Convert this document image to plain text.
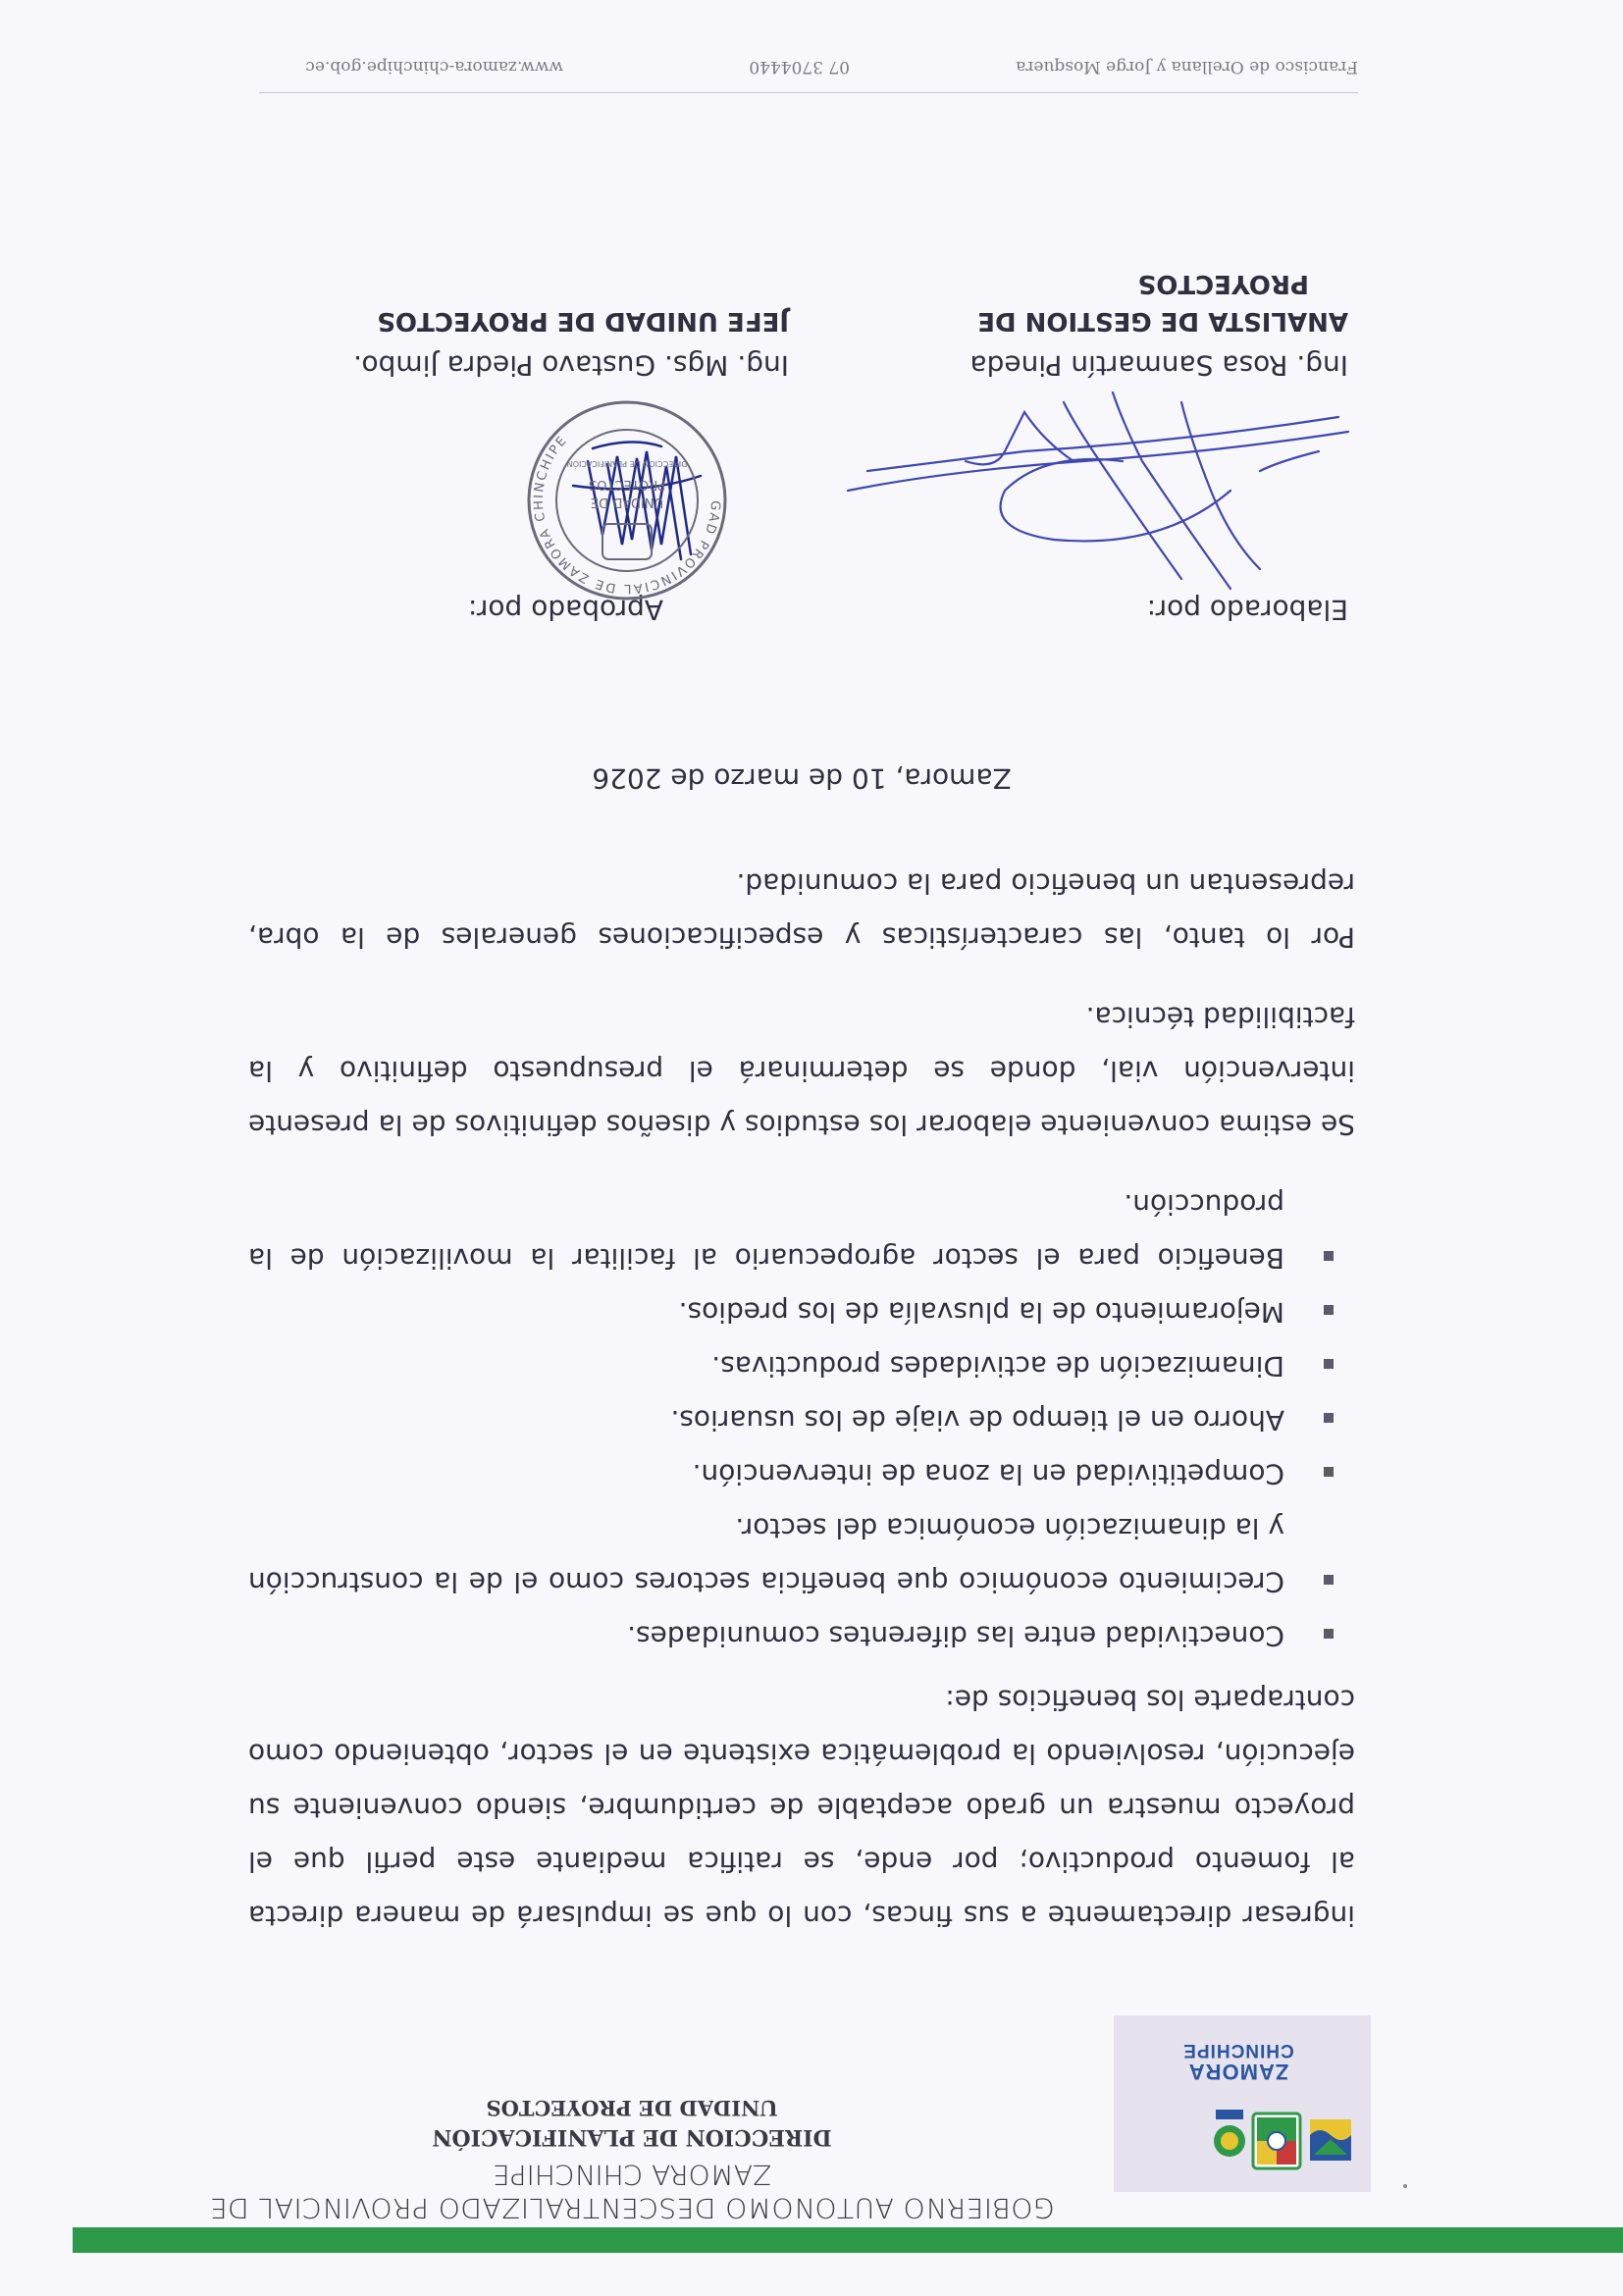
ZAMORA
CHINCHIPE
GOBIERNO AUTONOMO DESCENTRALIZADO PROVINCIAL DE
ZAMORA CHINCHIPE
DIRECCION DE PLANIFICACIÓN
UNIDAD DE PROYECTOS

ingresar directamente a sus fincas, con lo que se impulsará de manera directa al fomento productivo; por ende, se ratifica mediante este perfil que el proyecto muestra un grado aceptable de certidumbre, siendo conveniente su ejecución, resolviendo la problemática existente en el sector, obteniendo como contraparte los beneficios de:

Conectividad entre las diferentes comunidades.
Crecimiento económico que beneficia sectores como el de la construcción y la dinamización económica del sector.
Competitividad en la zona de intervención.
Ahorro en el tiempo de viaje de los usuarios.
Dinamización de actividades productivas.
Mejoramiento de la plusvalía de los predios.
Beneficio para el sector agropecuario al facilitar la movilización de la producción.

Se estima conveniente elaborar los estudios y diseños definitivos de la presente intervención vial, donde se determinará el presupuesto definitivo y la factibilidad técnica.

Por lo tanto, las características y especificaciones generales de la obra, representan un beneficio para la comunidad.

Zamora, 10 de marzo de 2026

Elaborado por:
Aprobado por:
GAD PROVINCIAL DE ZAMORA CHINCHIPE
UNIDAD DE
PROYECTOS
DIRECCIÓN DE PLANIFICACIÓN
Ing. Rosa Sanmartín Pineda
ANALISTA DE GESTION DE
PROYECTOS
Ing. Mgs. Gustavo Piedra Jimbo.
JEFE UNIDAD DE PROYECTOS
Francisco de Orellana y Jorge Mosquera
07 3704440
www.zamora-chinchipe.gob.ec
